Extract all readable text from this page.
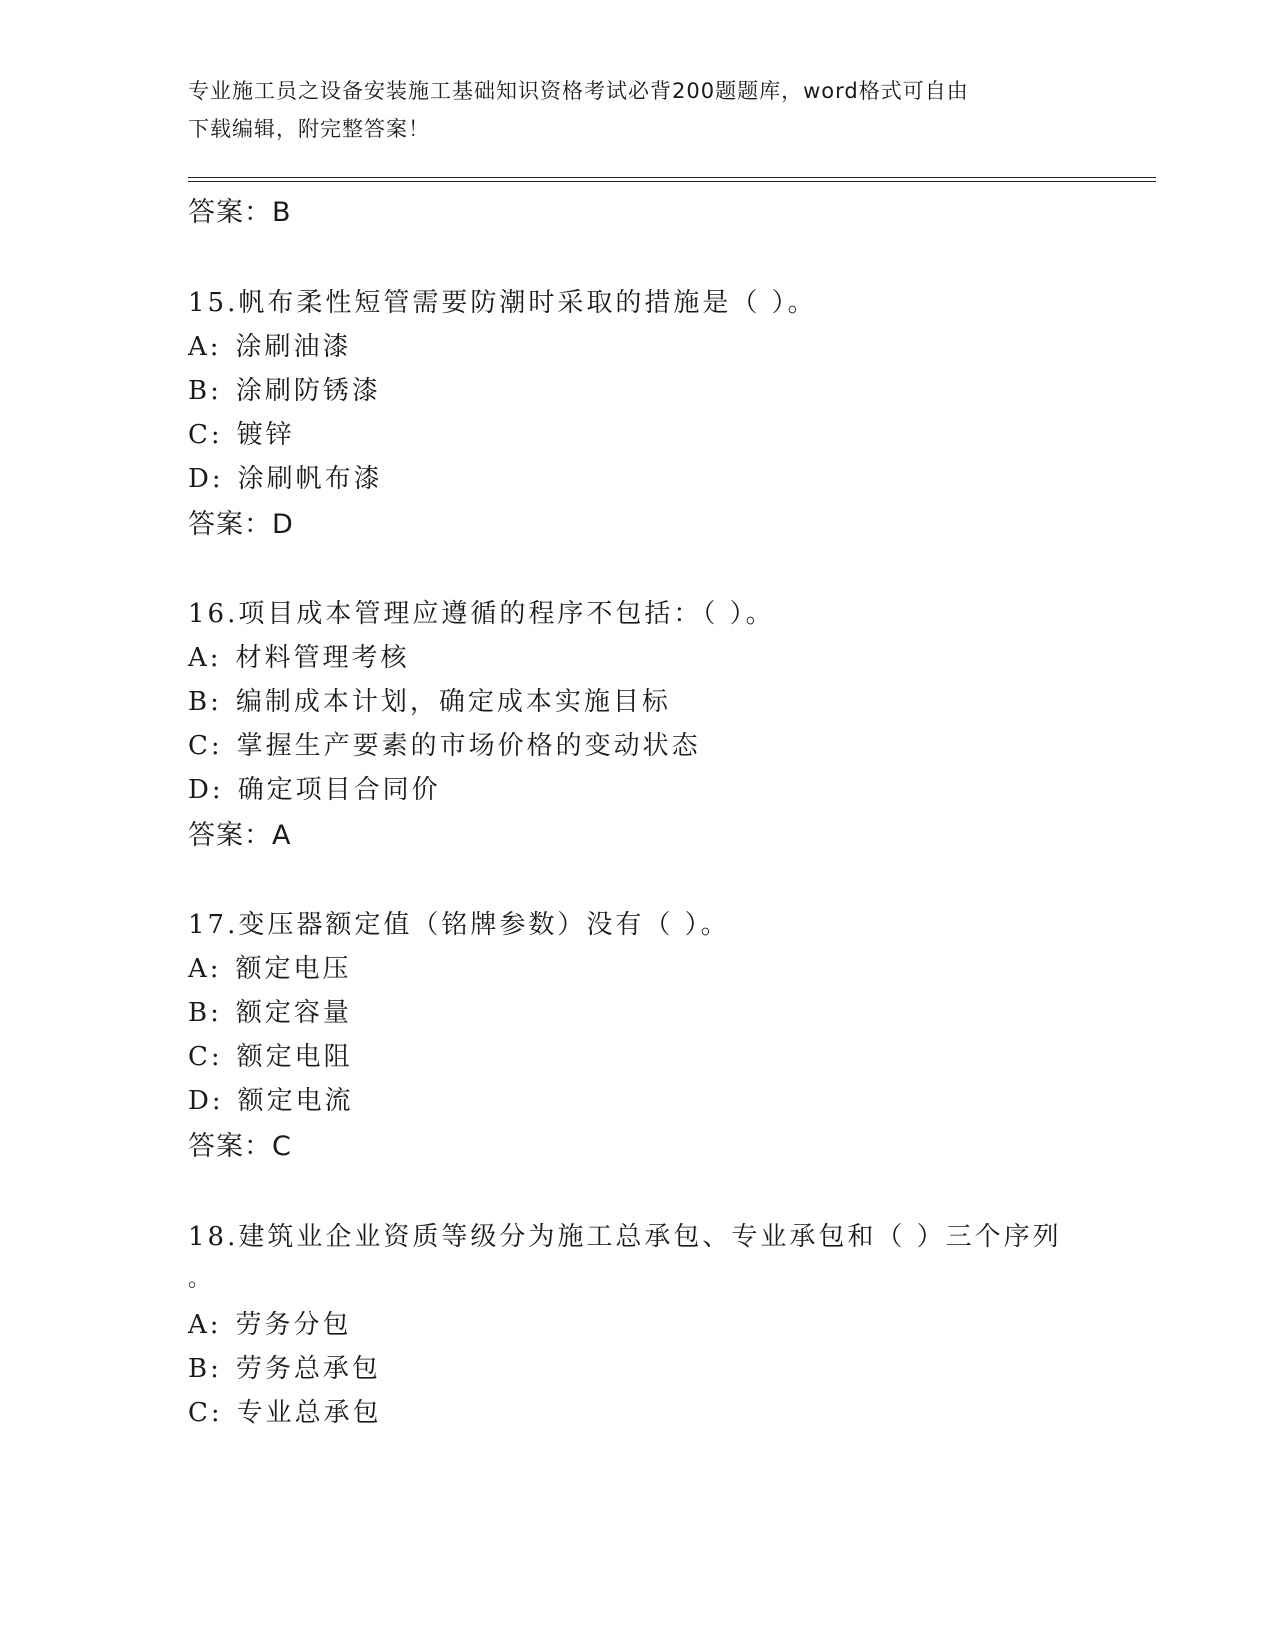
专业施工员之设备安装施工基础知识资格考试必背200题题库，word格式可自由
下载编辑，附完整答案！
答案：B
15.帆布柔性短管需要防潮时采取的措施是（ ）。
A: 涂刷油漆
B: 涂刷防锈漆
C: 镀锌
D: 涂刷帆布漆
答案：D
16.项目成本管理应遵循的程序不包括：（ ）。
A: 材料管理考核
B: 编制成本计划，确定成本实施目标
C: 掌握生产要素的市场价格的变动状态
D: 确定项目合同价
答案：A
17.变压器额定值（铭牌参数）没有（ ）。
A: 额定电压
B: 额定容量
C: 额定电阻
D: 额定电流
答案：C
18.建筑业企业资质等级分为施工总承包、专业承包和（ ）三个序列
。
A: 劳务分包
B: 劳务总承包
C: 专业总承包
